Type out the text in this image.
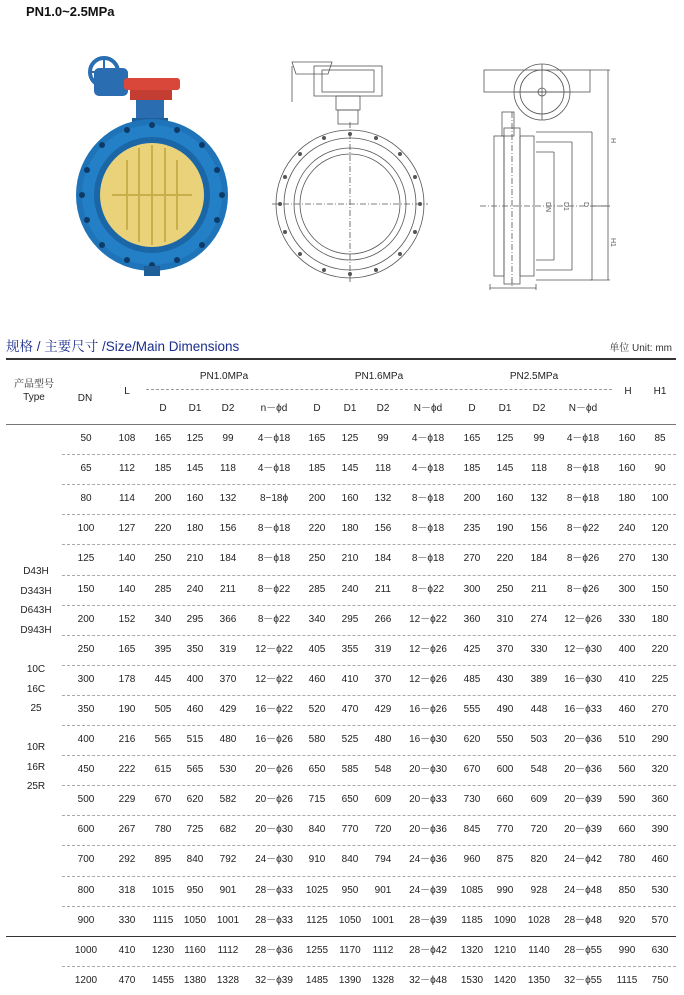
PN1.0~2.5MPa
DN D1 D
H
H1
L
规格 / 主要尺寸 /Size/Main Dimensions	单位 Unit: mm
产品型号
Type	DN
L
PN1.0MPa	PN1.6MPa	PN2.5MPa
D	D1	D2	n－ϕd	D	D1	D2	N－ϕd	D	D1	D2	N－ϕd
H	H1
D43H
D343H
D643H
D943H
10C
16C
25
10R
16R
25R
50	108	165	125	99	4－ϕ18	165	125	99	4－ϕ18	165	125	99	4－ϕ18	160	85
65	112	185	145	118	4－ϕ18	185	145	118	4－ϕ18	185	145	118	8－ϕ18	160	90
80	114	200	160	132	8−18ϕ	200	160	132	8－ϕ18	200	160	132	8－ϕ18	180	100
100	127	220	180	156	8－ϕ18	220	180	156	8－ϕ18	235	190	156	8－ϕ22	240	120
125	140	250	210	184	8－ϕ18	250	210	184	8－ϕ18	270	220	184	8－ϕ26	270	130
150	140	285	240	211	8－ϕ22	285	240	211	8－ϕ22	300	250	211	8－ϕ26	300	150
200	152	340	295	366	8－ϕ22	340	295	266	12－ϕ22	360	310	274	12－ϕ26	330	180
250	165	395	350	319	12－ϕ22	405	355	319	12－ϕ26	425	370	330	12－ϕ30	400	220
300	178	445	400	370	12－ϕ22	460	410	370	12－ϕ26	485	430	389	16－ϕ30	410	225
350	190	505	460	429	16－ϕ22	520	470	429	16－ϕ26	555	490	448	16－ϕ33	460	270
400	216	565	515	480	16－ϕ26	580	525	480	16－ϕ30	620	550	503	20－ϕ36	510	290
450	222	615	565	530	20－ϕ26	650	585	548	20－ϕ30	670	600	548	20－ϕ36	560	320
500	229	670	620	582	20－ϕ26	715	650	609	20－ϕ33	730	660	609	20－ϕ39	590	360
600	267	780	725	682	20－ϕ30	840	770	720	20－ϕ36	845	770	720	20－ϕ39	660	390
700	292	895	840	792	24－ϕ30	910	840	794	24－ϕ36	960	875	820	24－ϕ42	780	460
800	318	1015	950	901	28－ϕ33	1025	950	901	24－ϕ39	1085	990	928	24－ϕ48	850	530
900	330	1115	1050	1001	28－ϕ33	1125	1050	1001	28－ϕ39	1185	1090	1028	28－ϕ48	920	570
1000	410	1230	1160	1112	28－ϕ36	1255	1170	1112	28－ϕ42	1320	1210	1140	28－ϕ55	990	630
1200	470	1455 1380	1328	32－ϕ39	1485	1390	1328	32－ϕ48	1530	1420	1350	32－ϕ55	1115	750
